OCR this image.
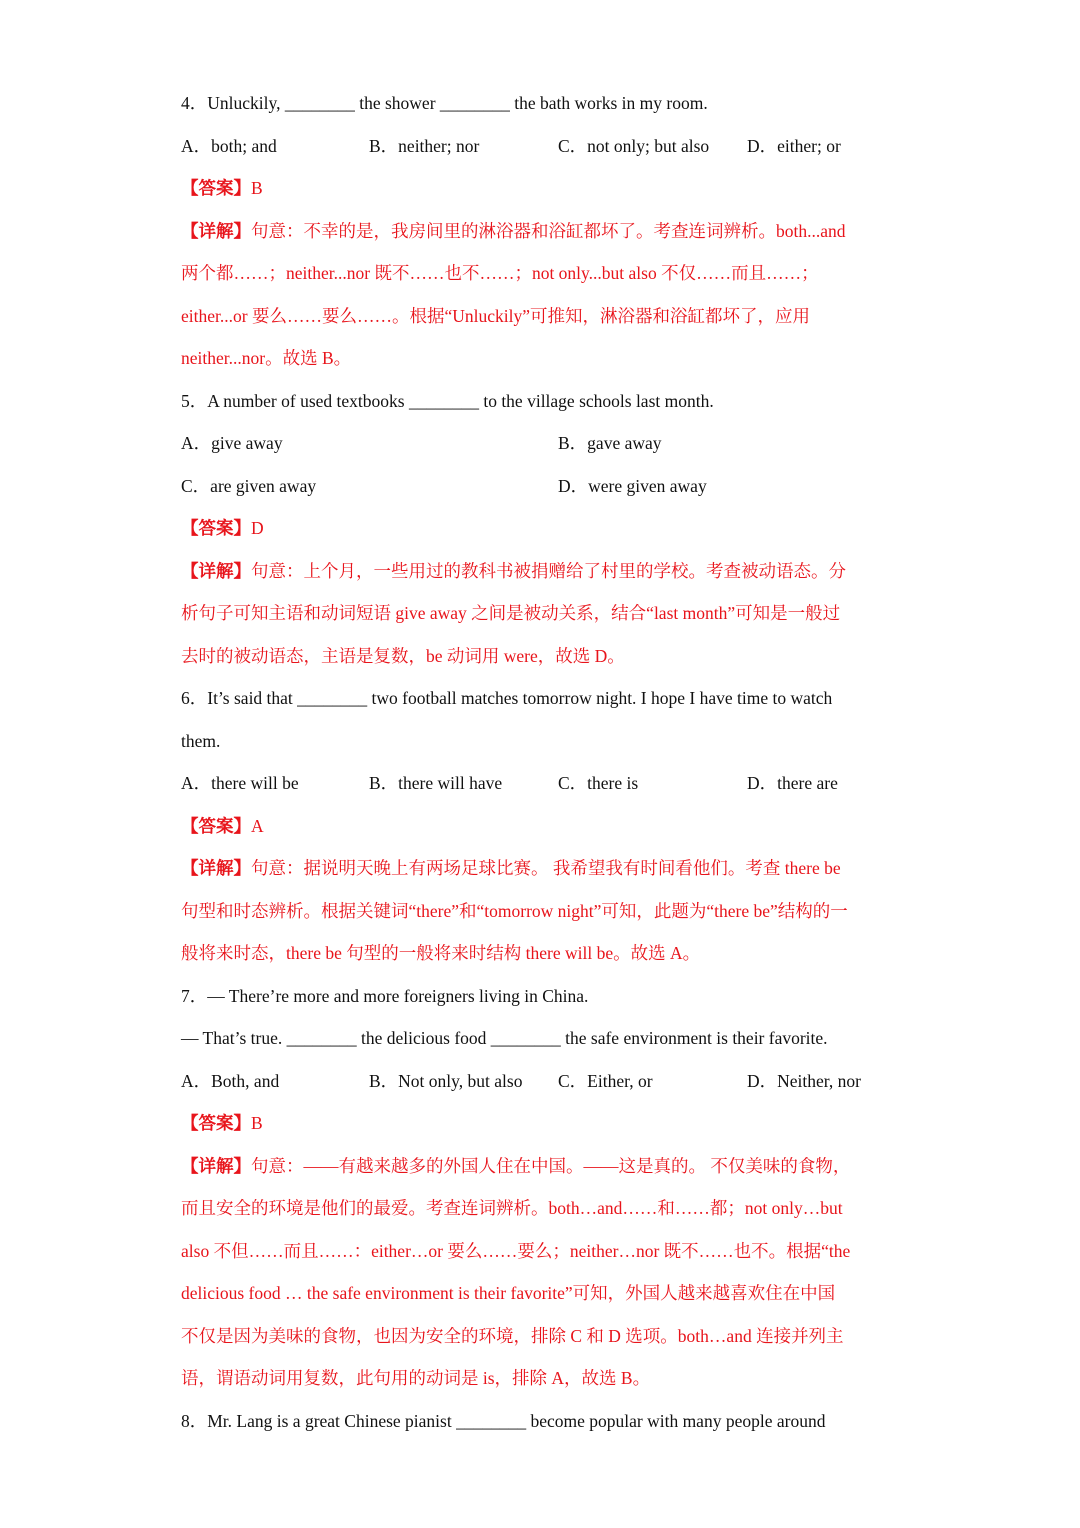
4．Unluckily, ________ the shower ________ the bath works in my room.
A．both; and	B．neither; nor	C．not only; but also D．either; or
【答案】B
【详解】句意：不幸的是，我房间里的淋浴器和浴缸都坏了。考查连词辨析。both...and
两个都……；neither...nor 既不……也不……；not only...but also 不仅……而且……；
either...or 要么……要么……。根据“Unluckily”可推知，淋浴器和浴缸都坏了，应用
neither...nor。故选 B。
5．A number of used textbooks ________ to the village schools last month.
A．give away	B．gave away
C．are given away	D．were given away
【答案】D
【详解】句意：上个月，一些用过的教科书被捐赠给了村里的学校。考查被动语态。分
析句子可知主语和动词短语 give away 之间是被动关系，结合“last month”可知是一般过
去时的被动语态，主语是复数，be 动词用 were，故选 D。
6．It’s said that ________ two football matches tomorrow night. I hope I have time to watch
them.
A．there will be	B．there will have	C．there is	D．there are
【答案】A
【详解】句意：据说明天晚上有两场足球比赛。 我希望我有时间看他们。考查 there be
句型和时态辨析。根据关键词“there”和“tomorrow night”可知，此题为“there be”结构的一
般将来时态，there be 句型的一般将来时结构 there will be。故选 A。
7．— There’re more and more foreigners living in China.
— That’s true. ________ the delicious food ________ the safe environment is their favorite.
A．Both, and	B．Not only, but also C．Either, or	D．Neither, nor
【答案】B
【详解】句意：——有越来越多的外国人住在中国。——这是真的。 不仅美味的食物，
而且安全的环境是他们的最爱。考查连词辨析。both…and……和……都；not only…but
also 不但……而且……：either…or 要么……要么；neither…nor 既不……也不。根据“the
delicious food … the safe environment is their favorite”可知，外国人越来越喜欢住在中国
不仅是因为美味的食物，也因为安全的环境，排除 C 和 D 选项。both…and 连接并列主
语，谓语动词用复数，此句用的动词是 is，排除 A，故选 B。
8．Mr. Lang is a great Chinese pianist ________ become popular with many people around
